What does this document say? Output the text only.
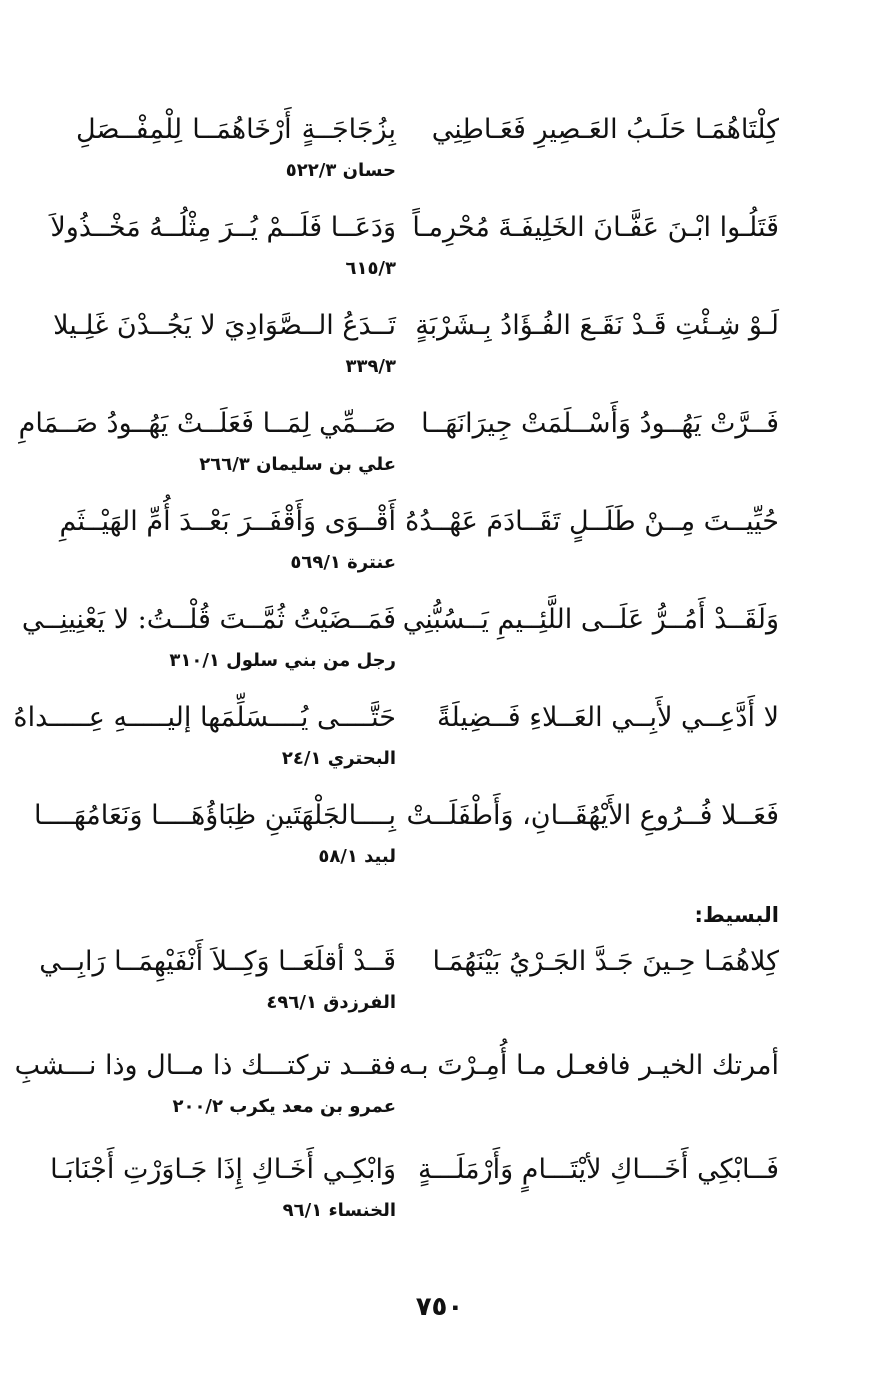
كِلْتَاهُمَـا حَلَـبُ العَـصِيرِ فَعَـاطِنِي
بِزُجَاجَــةٍ أَرْخَاهُمَــا لِلْمِفْــصَلِ
حسان ٥٢٢/٣
قَتَلُـوا ابْـنَ عَفَّـانَ الخَلِيفَـةَ مُحْرِمـاً
وَدَعَــا فَلَــمْ يُــرَ مِثْلُــهُ مَخْــذُولاَ
٦١٥/٣
لَـوْ شِـئْتِ قَـدْ نَقَـعَ الفُـؤَادُ بِـشَرْبَةٍ
تَــدَعُ الــصَّوَادِيَ لا يَجُــدْنَ غَلِـيلا
٣٣٩/٣
فَــرَّتْ يَهُــودُ وَأَسْــلَمَتْ جِيرَانَهَــا
صَــمِّي لِمَــا فَعَلَــتْ يَهُــودُ صَــمَامِ
علي بن سليمان ٢٦٦/٣
حُيِّيــتَ مِــنْ طَلَــلٍ تَقَــادَمَ عَهْــدُهُ
أَقْــوَى وَأَقْفَــرَ بَعْــدَ أُمِّ الهَيْــثَمِ
عنترة ٥٦٩/١
وَلَقَــدْ أَمُــرُّ عَلَــى اللَّئِــيمِ يَــسُبُّنِي
فَمَــضَيْتُ ثُمَّــتَ قُلْــتُ: لا يَعْنِينِــي
رجل من بني سلول ٣١٠/١
لا أَدَّعِــي لأَبِــي العَــلاءِ فَــضِيلَةً
حَتَّــــى يُــــسَلِّمَها إليـــــهِ عِـــــداهُ
البحتري ٢٤/١
فَعَــلا فُــرُوعِ الأَيْهُقَــانِ، وَأَطْفَلَــتْ
بِــــالجَلْهَتَينِ ظِبَاؤُهَــــا وَنَعَامُهَــــا
لبيد ٥٨/١
البسيط:
كِلاهُمَـا حِـينَ جَـدَّ الجَـرْيُ بَيْنَهُمَـا
قَــدْ أقلَعَــا وَكِــلاَ أَنْفَيْهِمَــا رَابِــي
الفرزدق ٤٩٦/١
أمرتك الخيـر فافعـل مـا أُمِـرْتَ بـه
فقــد تركتـــك ذا مــال وذا نـــشبِ
عمرو بن معد يكرب ٢٠٠/٢
فَــابْكِي أَخَـــاكِ لأيْتَـــامٍ وَأَرْمَلَـــةٍ
وَابْكِـي أَخَـاكِ إِذَا جَـاوَرْتِ أَجْنَابَـا
الخنساء ٩٦/١
٧٥٠
